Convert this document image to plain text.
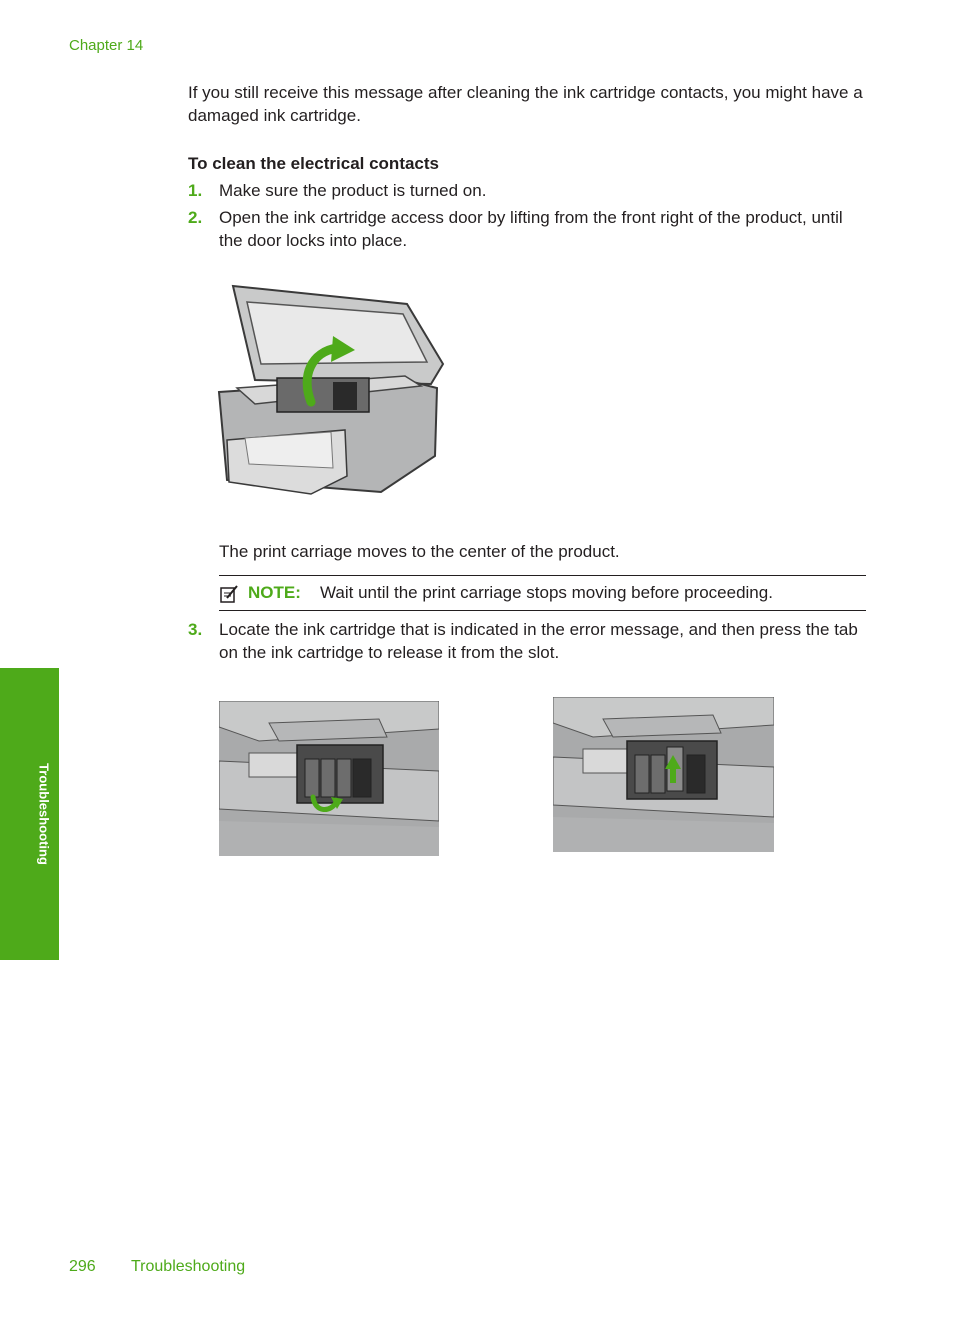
Chapter 14
If you still receive this message after cleaning the ink cartridge contacts, you might have a damaged ink cartridge.
To clean the electrical contacts
1. Make sure the product is turned on.
2. Open the ink cartridge access door by lifting from the front right of the product, until the door locks into place.
The print carriage moves to the center of the product.
NOTE: Wait until the print carriage stops moving before proceeding.
3. Locate the ink cartridge that is indicated in the error message, and then press the tab on the ink cartridge to release it from the slot.
Troubleshooting
296 Troubleshooting
